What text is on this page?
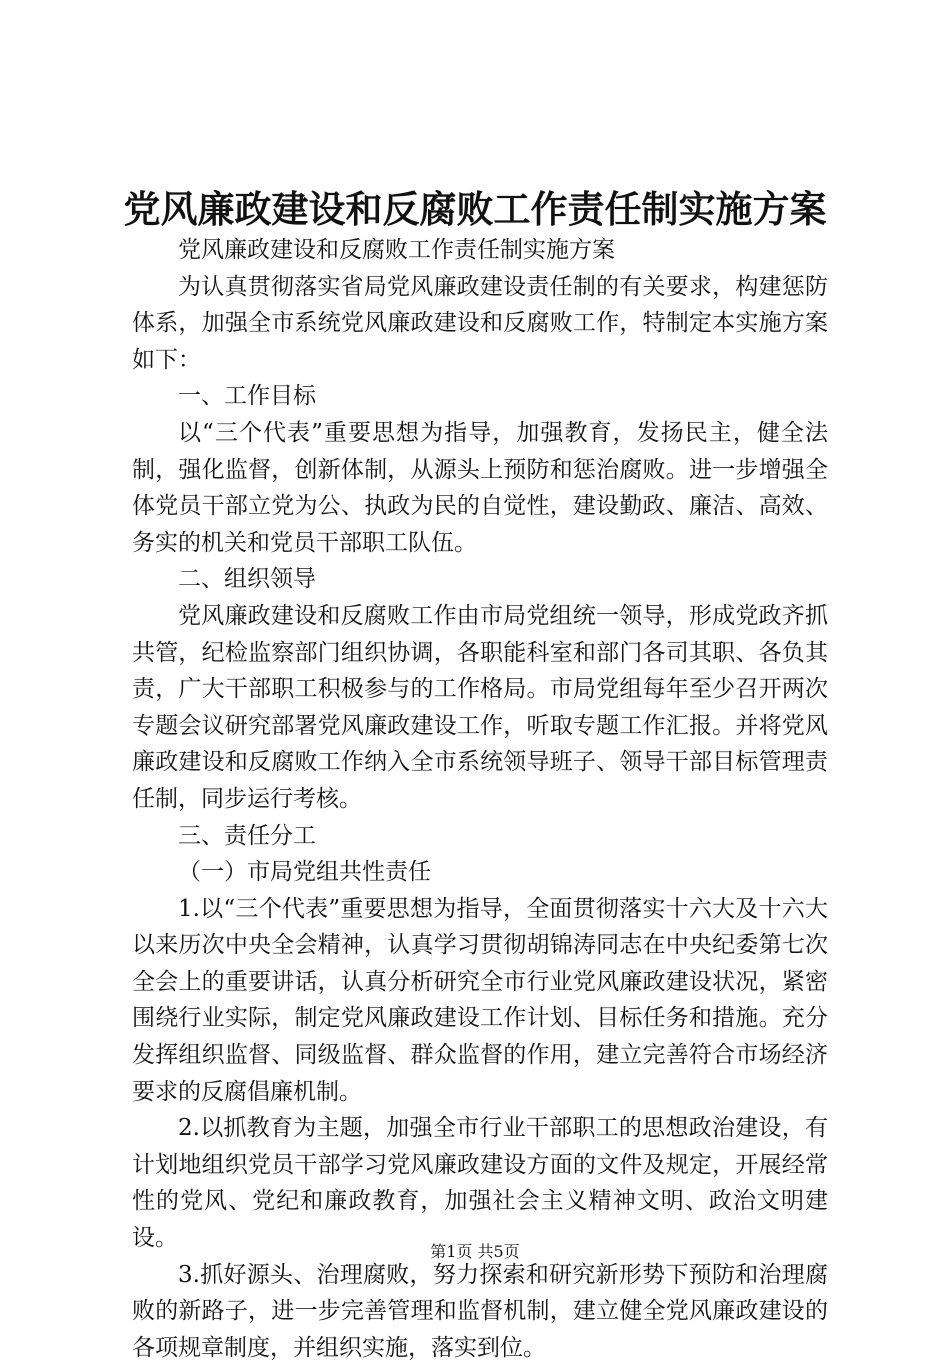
党风廉政建设和反腐败工作责任制实施方案

党风廉政建设和反腐败工作责任制实施方案

为认真贯彻落实省局党风廉政建设责任制的有关要求，构建惩防体系，加强全市系统党风廉政建设和反腐败工作，特制定本实施方案如下：

一、工作目标

以“三个代表”重要思想为指导，加强教育，发扬民主，健全法制，强化监督，创新体制，从源头上预防和惩治腐败。进一步增强全体党员干部立党为公、执政为民的自觉性，建设勤政、廉洁、高效、务实的机关和党员干部职工队伍。

二、组织领导

党风廉政建设和反腐败工作由市局党组统一领导，形成党政齐抓共管，纪检监察部门组织协调，各职能科室和部门各司其职、各负其责，广大干部职工积极参与的工作格局。市局党组每年至少召开两次专题会议研究部署党风廉政建设工作，听取专题工作汇报。并将党风廉政建设和反腐败工作纳入全市系统领导班子、领导干部目标管理责任制，同步运行考核。

三、责任分工

（一）市局党组共性责任

1.以“三个代表”重要思想为指导，全面贯彻落实十六大及十六大以来历次中央全会精神，认真学习贯彻胡锦涛同志在中央纪委第七次全会上的重要讲话，认真分析研究全市行业党风廉政建设状况，紧密围绕行业实际，制定党风廉政建设工作计划、目标任务和措施。充分发挥组织监督、同级监督、群众监督的作用，建立完善符合市场经济要求的反腐倡廉机制。

2.以抓教育为主题，加强全市行业干部职工的思想政治建设，有计划地组织党员干部学习党风廉政建设方面的文件及规定，开展经常性的党风、党纪和廉政教育，加强社会主义精神文明、政治文明建设。

3.抓好源头、治理腐败，努力探索和研究新形势下预防和治理腐败的新路子，进一步完善管理和监督机制，建立健全党风廉政建设的各项规章制度，并组织实施，落实到位。

第1页 共5页
